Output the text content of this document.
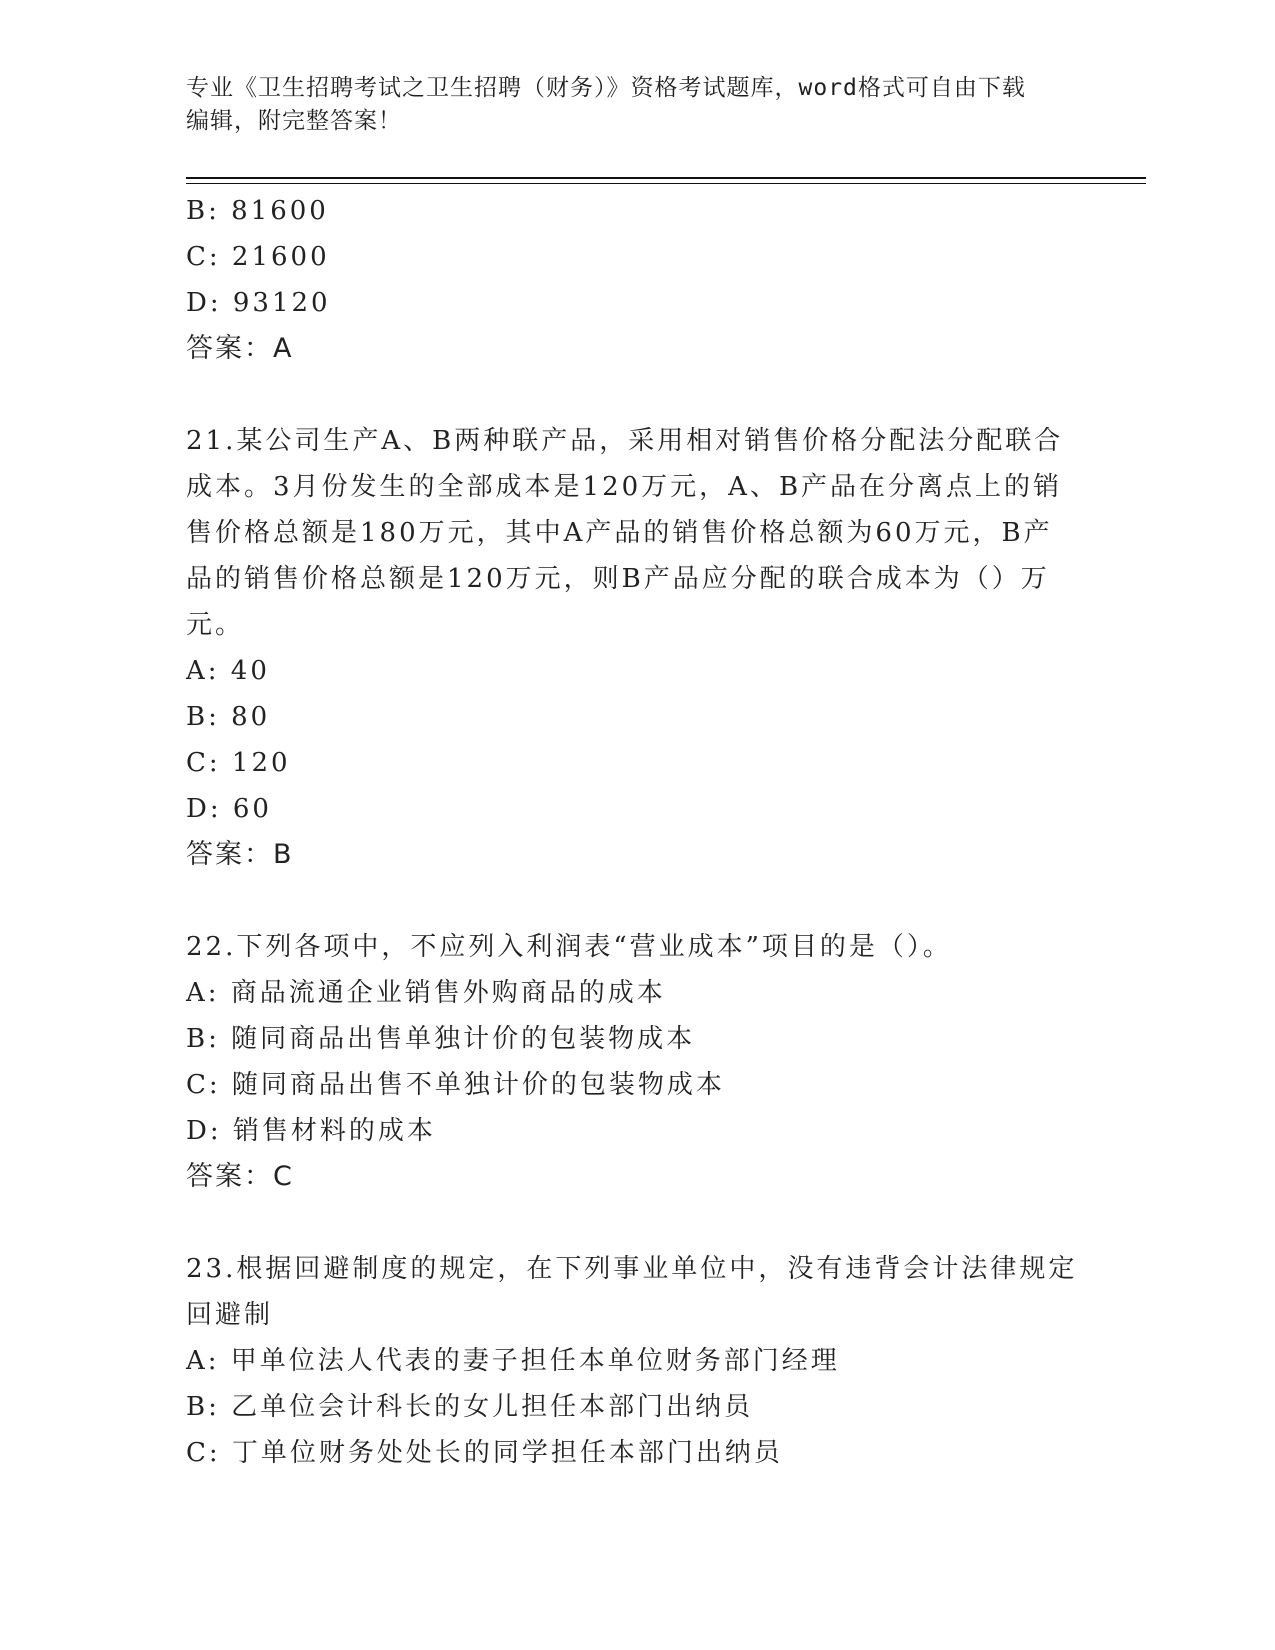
专业《卫生招聘考试之卫生招聘（财务）》资格考试题库，word格式可自由下载
编辑，附完整答案！
B: 81600
C: 21600
D: 93120
答案：A
21.某公司生产A、B两种联产品，采用相对销售价格分配法分配联合
成本。3月份发生的全部成本是120万元，A、B产品在分离点上的销
售价格总额是180万元，其中A产品的销售价格总额为60万元，B产
品的销售价格总额是120万元，则B产品应分配的联合成本为（）万
元。
A: 40
B: 80
C: 120
D: 60
答案：B
22.下列各项中，不应列入利润表“营业成本”项目的是（）。
A: 商品流通企业销售外购商品的成本
B: 随同商品出售单独计价的包装物成本
C: 随同商品出售不单独计价的包装物成本
D: 销售材料的成本
答案：C
23.根据回避制度的规定，在下列事业单位中，没有违背会计法律规定
回避制
A: 甲单位法人代表的妻子担任本单位财务部门经理
B: 乙单位会计科长的女儿担任本部门出纳员
C: 丁单位财务处处长的同学担任本部门出纳员
